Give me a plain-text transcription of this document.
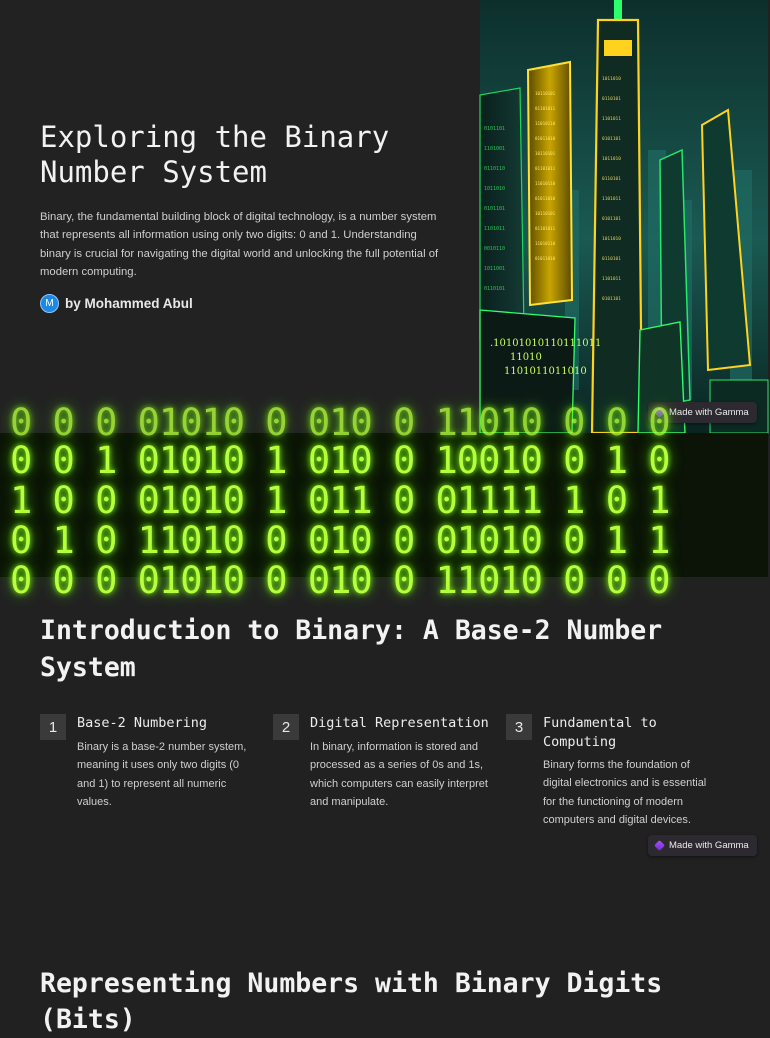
Exploring the Binary Number System

Binary, the fundamental building block of digital technology, is a number system that represents all information using only two digits: 0 and 1. Understanding binary is crucial for navigating the digital world and unlocking the full potential of modern computing.

M by Mohammed Abul
0101101
1101001
0110110
1011010
0101101
1101011
0010110
1011001
0110101
10110101
01101011
11010110
01011010
10110101
01101011
11010110
01011010
10110101
01101011
11010110
01011010
1011010
0110101
1101011
0101101
1011010
0110101
1101011
0101101
1011010
0110101
1101011
0101101
.10101010110111011
11010
1101011011010
Made with Gamma
0 0 0 01010 0 010 0 11010 0 0 0
0 0 1 01010 1 010 0 10010 0 1 0
1 0 0 01010 1 011 0 01111 1 0 1
0 1 0 11010 0 010 0 01010 0 1 1
0 0 0 01010 0 010 0 11010 0 0 0
Introduction to Binary: A Base-2 Number System
1	Base-2 Numbering
Binary is a base-2 number system, meaning it uses only two digits (0 and 1) to represent all numeric values.
2	Digital Representation
In binary, information is stored and processed as a series of 0s and 1s, which computers can easily interpret and manipulate.
3	Fundamental to Computing
Binary forms the foundation of digital electronics and is essential for the functioning of modern computers and digital devices.
Made with Gamma
Representing Numbers with Binary Digits (Bits)
